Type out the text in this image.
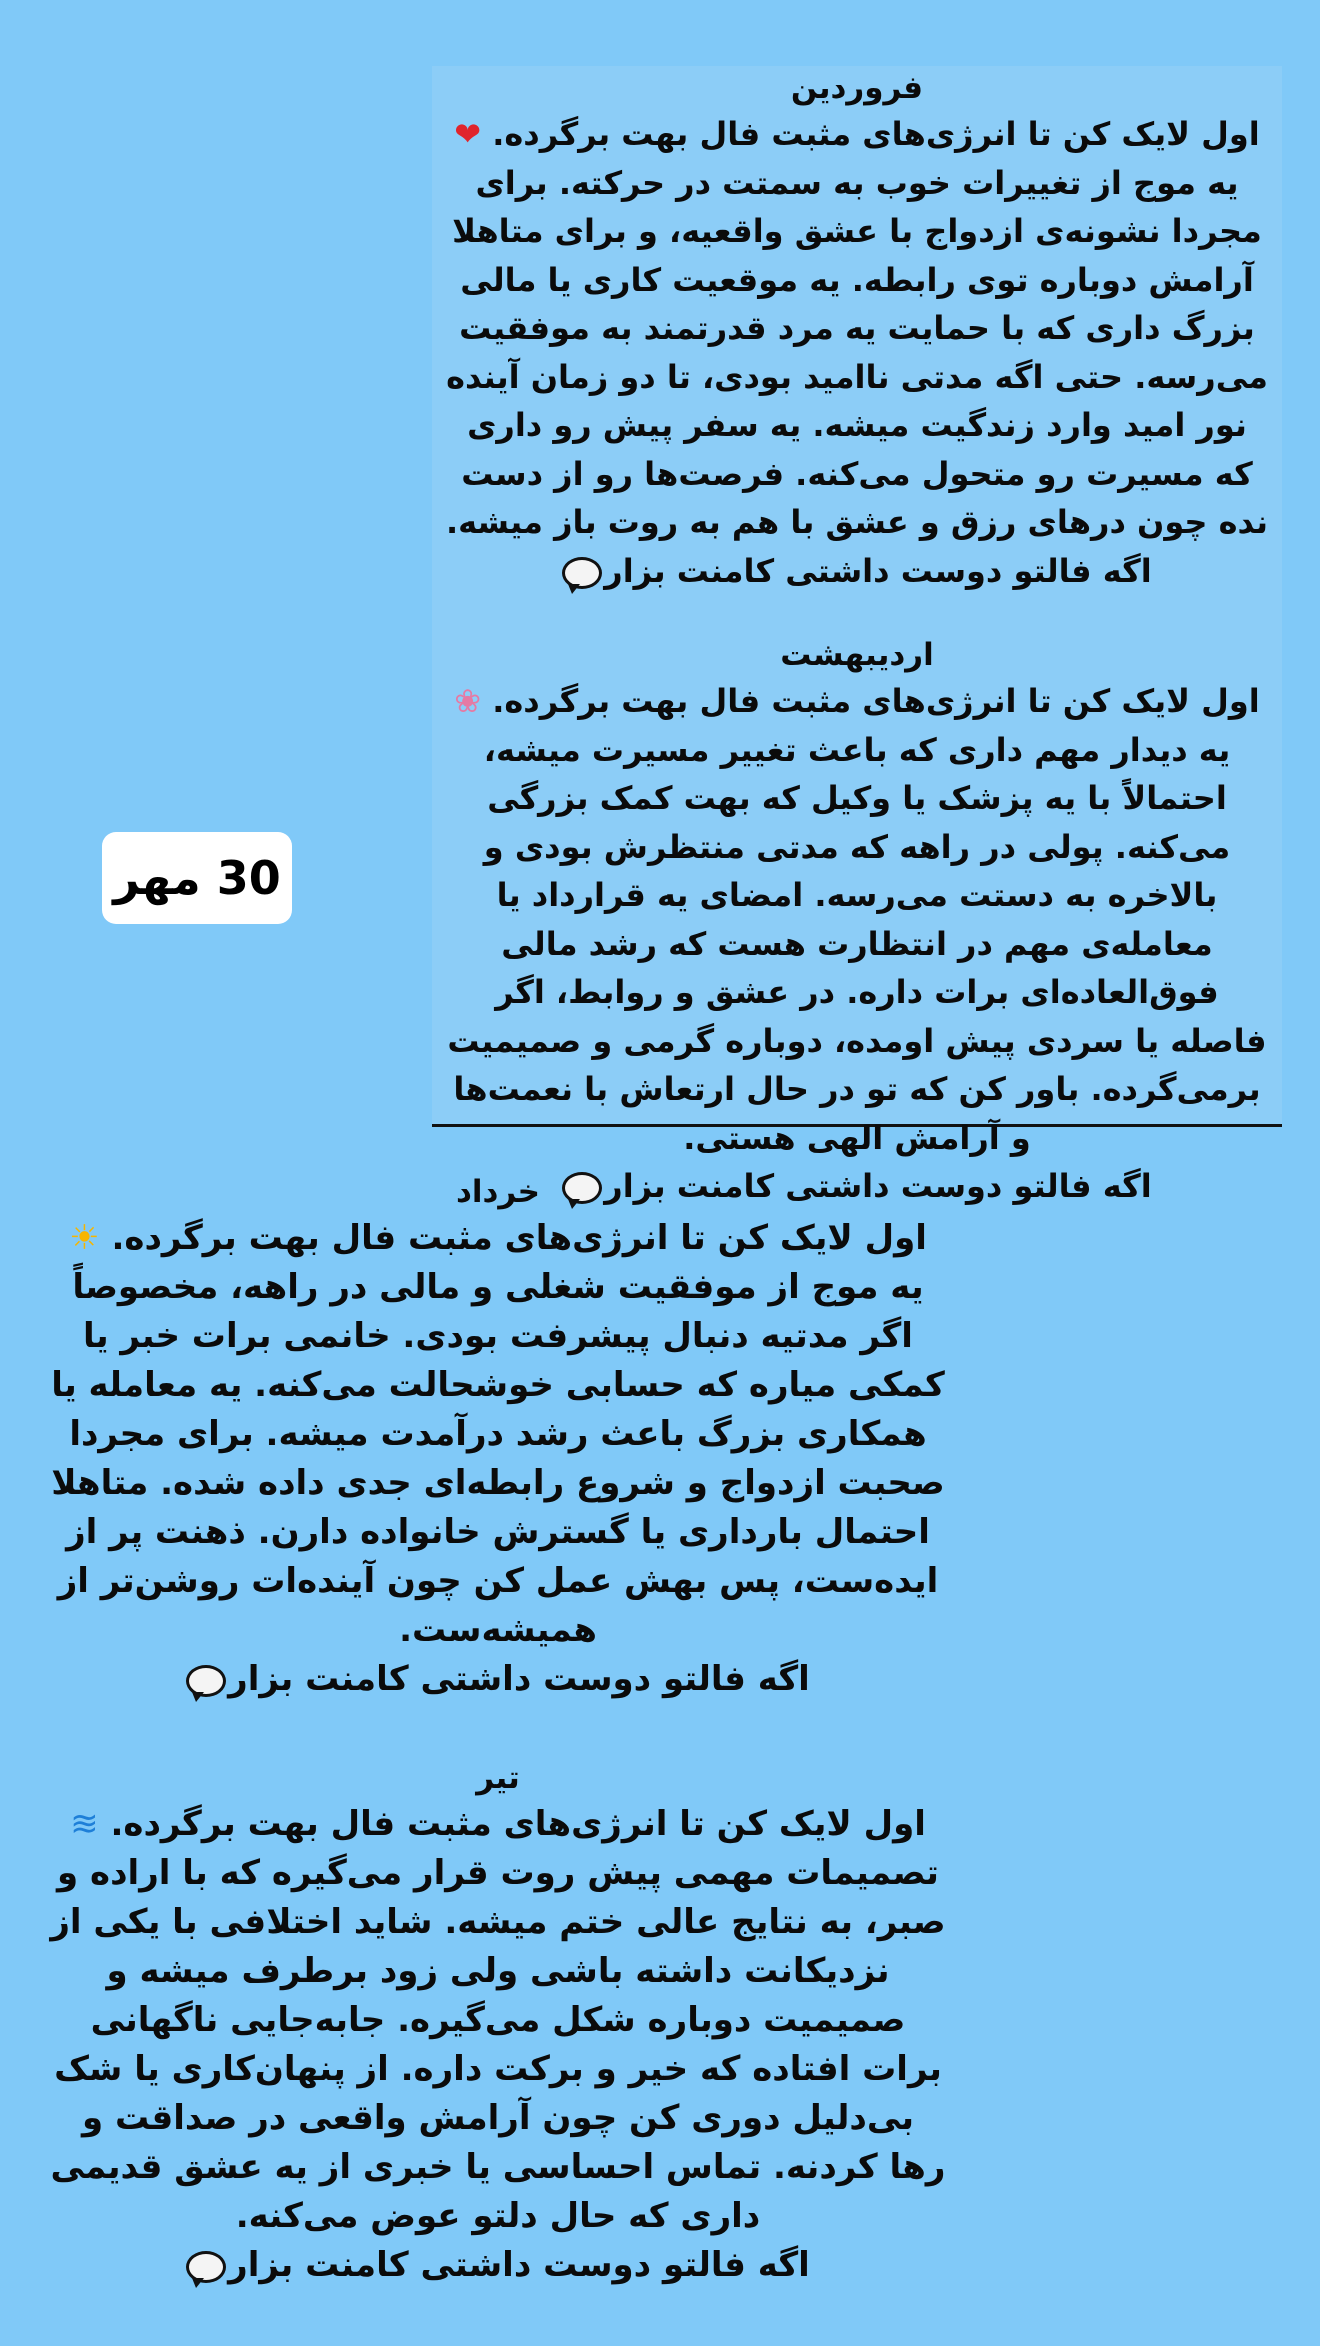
فروردین

اول لایک کن تا انرژی‌های مثبت فال بهت برگرده. ❤ یه موج از تغییرات خوب به سمتت در حرکته. برای مجردا نشونه‌ی ازدواج با عشق واقعیه، و برای متاهلا آرامش دوباره توی رابطه. یه موقعیت کاری یا مالی بزرگ داری که با حمایت یه مرد قدرتمند به موفقیت می‌رسه. حتی اگه مدتی ناامید بودی، تا دو زمان آینده نور امید وارد زندگیت میشه. یه سفر پیش رو داری که مسیرت رو متحول می‌کنه. فرصت‌ها رو از دست نده چون درهای رزق و عشق با هم به روت باز میشه.

اگه فالتو دوست داشتی کامنت بزار

اردیبهشت

اول لایک کن تا انرژی‌های مثبت فال بهت برگرده. ❀ یه دیدار مهم داری که باعث تغییر مسیرت میشه، احتمالاً با یه پزشک یا وکیل که بهت کمک بزرگی می‌کنه. پولی در راهه که مدتی منتظرش بودی و بالاخره به دستت می‌رسه. امضای یه قرارداد یا معامله‌ی مهم در انتظارت هست که رشد مالی فوق‌العاده‌ای برات داره. در عشق و روابط، اگر فاصله یا سردی پیش اومده، دوباره گرمی و صمیمیت برمی‌گرده. باور کن که تو در حال ارتعاش با نعمت‌ها و آرامش الهی هستی.

اگه فالتو دوست داشتی کامنت بزار

30 مهر

خرداد

اول لایک کن تا انرژی‌های مثبت فال بهت برگرده. ☀ یه موج از موفقیت شغلی و مالی در راهه، مخصوصاً اگر مدتیه دنبال پیشرفت بودی. خانمی برات خبر یا کمکی میاره که حسابی خوشحالت می‌کنه. یه معامله یا همکاری بزرگ باعث رشد درآمدت میشه. برای مجردا صحبت ازدواج و شروع رابطه‌ای جدی داده شده. متاهلا احتمال بارداری یا گسترش خانواده دارن. ذهنت پر از ایده‌ست، پس بهش عمل کن چون آینده‌ات روشن‌تر از همیشه‌ست.

اگه فالتو دوست داشتی کامنت بزار

تیر

اول لایک کن تا انرژی‌های مثبت فال بهت برگرده. ≋ تصمیمات مهمی پیش روت قرار می‌گیره که با اراده و صبر، به نتایج عالی ختم میشه. شاید اختلافی با یکی از نزدیکانت داشته باشی ولی زود برطرف میشه و صمیمیت دوباره شکل می‌گیره. جابه‌جایی ناگهانی برات افتاده که خیر و برکت داره. از پنهان‌کاری یا شک بی‌دلیل دوری کن چون آرامش واقعی در صداقت و رها کردنه. تماس احساسی یا خبری از یه عشق قدیمی داری که حال دلتو عوض می‌کنه.

اگه فالتو دوست داشتی کامنت بزار
